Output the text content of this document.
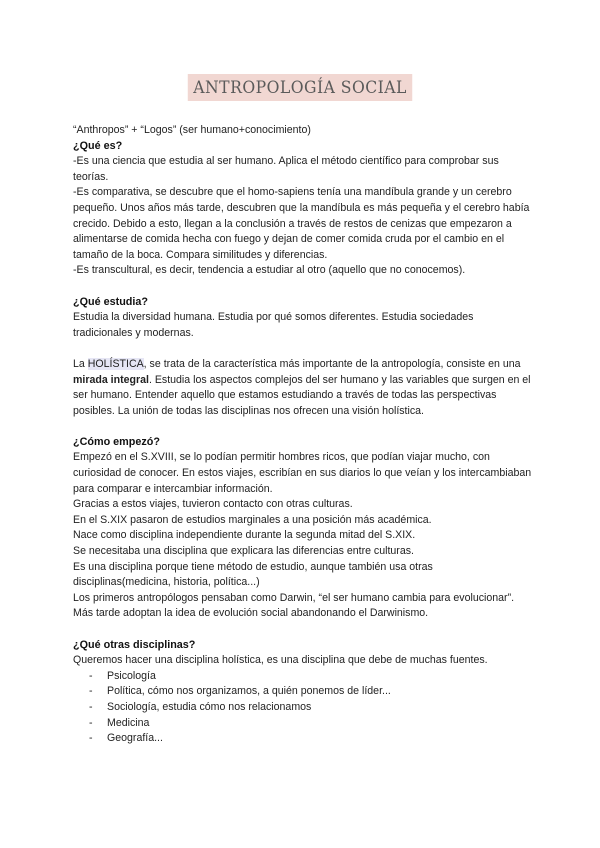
ANTROPOLOGÍA SOCIAL

“Anthropos” + “Logos” (ser humano+conocimiento)

¿Qué es?

-Es una ciencia que estudia al ser humano. Aplica el método científico para comprobar sus teorías.

-Es comparativa, se descubre que el homo-sapiens tenía una mandíbula grande y un cerebro pequeño. Unos años más tarde, descubren que la mandíbula es más pequeña y el cerebro había crecido. Debido a esto, llegan a la conclusión a través de restos de cenizas que empezaron a alimentarse de comida hecha con fuego y dejan de comer comida cruda por el cambio en el tamaño de la boca. Compara similitudes y diferencias.

-Es transcultural, es decir, tendencia a estudiar al otro (aquello que no conocemos).

¿Qué estudia?

Estudia la diversidad humana. Estudia por qué somos diferentes. Estudia sociedades tradicionales y modernas.

La HOLÍSTICA, se trata de la característica más importante de la antropología, consiste en una mirada integral. Estudia los aspectos complejos del ser humano y las variables que surgen en el ser humano. Entender aquello que estamos estudiando a través de todas las perspectivas posibles. La unión de todas las disciplinas nos ofrecen una visión holística.

¿Cómo empezó?

Empezó en el S.XVIII, se lo podían permitir hombres ricos, que podían viajar mucho, con curiosidad de conocer. En estos viajes, escribían en sus diarios lo que veían y los intercambiaban para comparar e intercambiar información.

Gracias a estos viajes, tuvieron contacto con otras culturas.

En el S.XIX pasaron de estudios marginales a una posición más académica.

Nace como disciplina independiente durante la segunda mitad del S.XIX.

Se necesitaba una disciplina que explicara las diferencias entre culturas.

Es una disciplina porque tiene método de estudio, aunque también usa otras disciplinas(medicina, historia, política...)

Los primeros antropólogos pensaban como Darwin, “el ser humano cambia para evolucionar”. Más tarde adoptan la idea de evolución social abandonando el Darwinismo.

¿Qué otras disciplinas?

Queremos hacer una disciplina holística, es una disciplina que debe de muchas fuentes.

- Psicología
- Política, cómo nos organizamos, a quién ponemos de líder...
- Sociología, estudia cómo nos relacionamos
- Medicina
- Geografía...
